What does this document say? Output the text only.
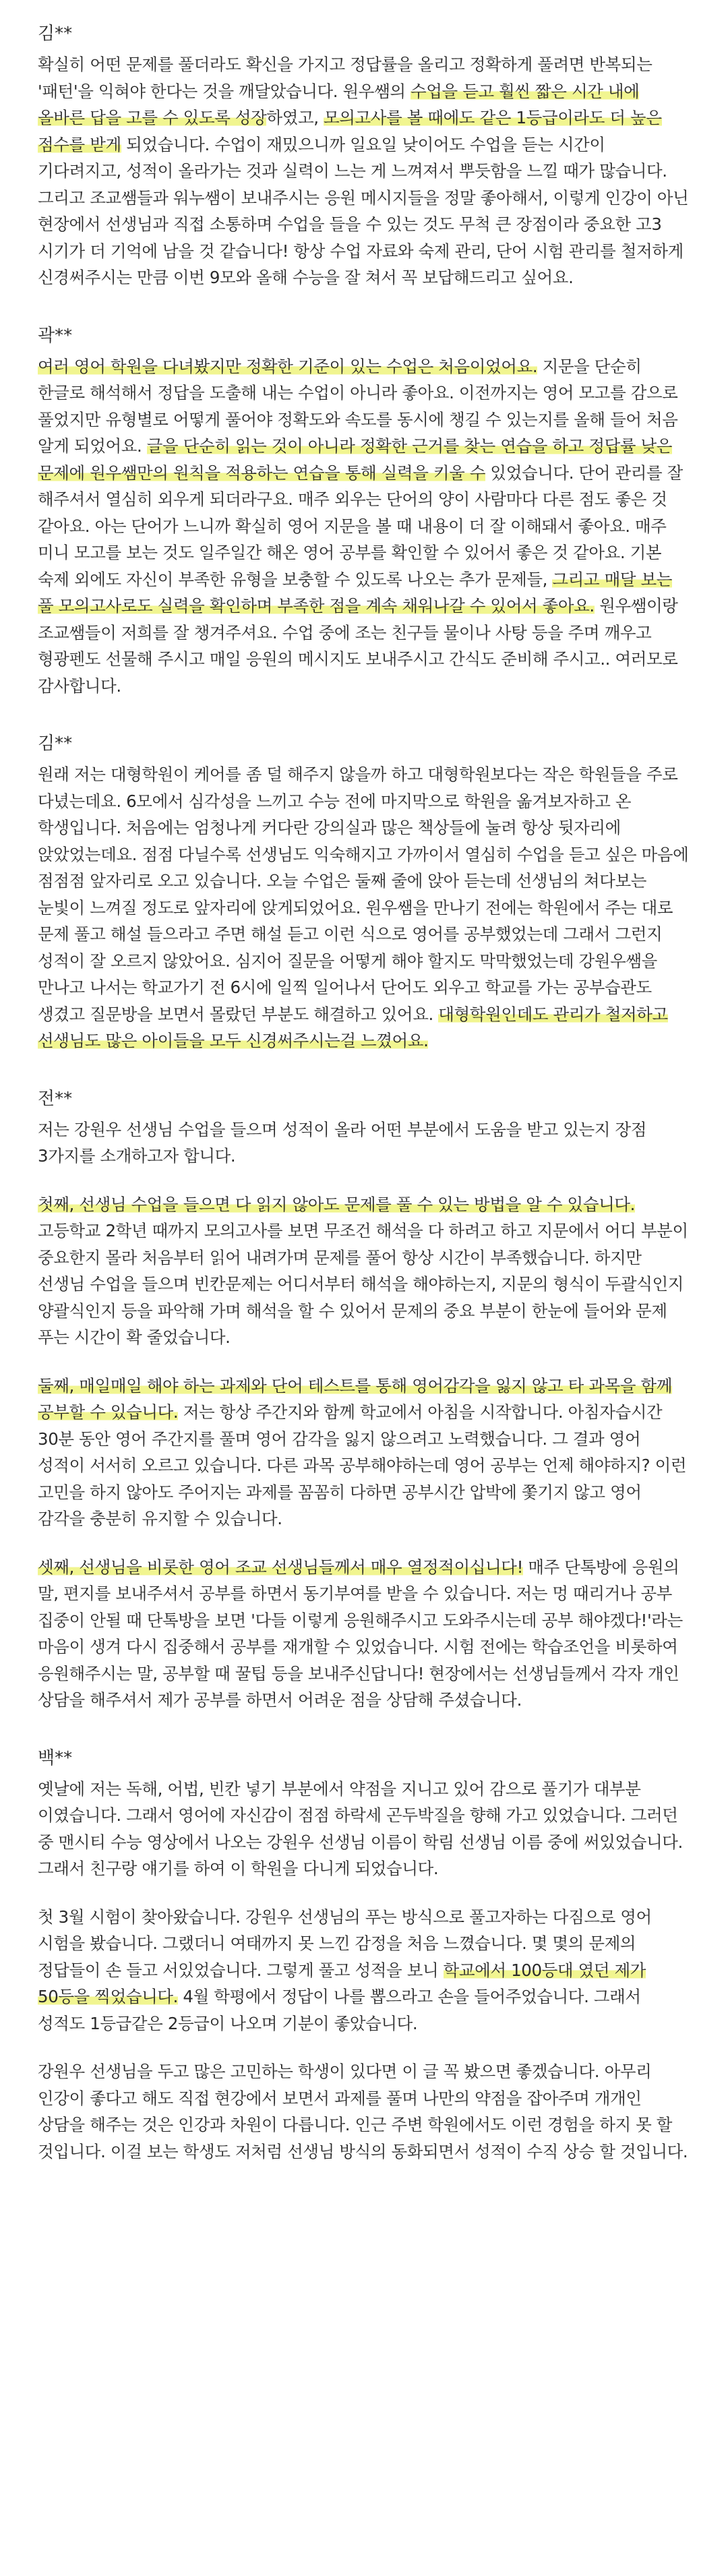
김**

확실히 어떤 문제를 풀더라도 확신을 가지고 정답률을 올리고 정확하게 풀려면 반복되는 '패턴'을 익혀야 한다는 것을 깨달았습니다. 원우쌤의 수업을 듣고 훨씬 짧은 시간 내에 올바른 답을 고를 수 있도록 성장하였고, 모의고사를 볼 때에도 같은 1등급이라도 더 높은 점수를 받게 되었습니다. 수업이 재밌으니까 일요일 낮이어도 수업을 듣는 시간이 기다려지고, 성적이 올라가는 것과 실력이 느는 게 느껴져서 뿌듯함을 느낄 때가 많습니다. 그리고 조교쌤들과 워누쌤이 보내주시는 응원 메시지들을 정말 좋아해서, 이렇게 인강이 아닌 현장에서 선생님과 직접 소통하며 수업을 들을 수 있는 것도 무척 큰 장점이라 중요한 고3 시기가 더 기억에 남을 것 같습니다! 항상 수업 자료와 숙제 관리, 단어 시험 관리를 철저하게 신경써주시는 만큼 이번 9모와 올해 수능을 잘 쳐서 꼭 보답해드리고 싶어요.

곽**

여러 영어 학원을 다녀봤지만 정확한 기준이 있는 수업은 처음이었어요. 지문을 단순히 한글로 해석해서 정답을 도출해 내는 수업이 아니라 좋아요. 이전까지는 영어 모고를 감으로 풀었지만 유형별로 어떻게 풀어야 정확도와 속도를 동시에 챙길 수 있는지를 올해 들어 처음 알게 되었어요. 글을 단순히 읽는 것이 아니라 정확한 근거를 찾는 연습을 하고 정답률 낮은 문제에 원우쌤만의 원칙을 적용하는 연습을 통해 실력을 키울 수 있었습니다. 단어 관리를 잘 해주셔서 열심히 외우게 되더라구요. 매주 외우는 단어의 양이 사람마다 다른 점도 좋은 것 같아요. 아는 단어가 느니까 확실히 영어 지문을 볼 때 내용이 더 잘 이해돼서 좋아요. 매주 미니 모고를 보는 것도 일주일간 해온 영어 공부를 확인할 수 있어서 좋은 것 같아요. 기본 숙제 외에도 자신이 부족한 유형을 보충할 수 있도록 나오는 추가 문제들, 그리고 매달 보는 풀 모의고사로도 실력을 확인하며 부족한 점을 계속 채워나갈 수 있어서 좋아요. 원우쌤이랑 조교쌤들이 저희를 잘 챙겨주셔요. 수업 중에 조는 친구들 물이나 사탕 등을 주며 깨우고 형광펜도 선물해 주시고 매일 응원의 메시지도 보내주시고 간식도 준비해 주시고.. 여러모로 감사합니다.

김**

원래 저는 대형학원이 케어를 좀 덜 해주지 않을까 하고 대형학원보다는 작은 학원들을 주로 다녔는데요. 6모에서 심각성을 느끼고 수능 전에 마지막으로 학원을 옮겨보자하고 온 학생입니다. 처음에는 엄청나게 커다란 강의실과 많은 책상들에 눌려 항상 뒷자리에 앉았었는데요. 점점 다닐수록 선생님도 익숙해지고 가까이서 열심히 수업을 듣고 싶은 마음에 점점점 앞자리로 오고 있습니다. 오늘 수업은 둘째 줄에 앉아 듣는데 선생님의 쳐다보는 눈빛이 느껴질 정도로 앞자리에 앉게되었어요. 원우쌤을 만나기 전에는 학원에서 주는 대로 문제 풀고 해설 들으라고 주면 해설 듣고 이런 식으로 영어를 공부했었는데 그래서 그런지 성적이 잘 오르지 않았어요. 심지어 질문을 어떻게 해야 할지도 막막했었는데 강원우쌤을 만나고 나서는 학교가기 전 6시에 일찍 일어나서 단어도 외우고 학교를 가는 공부습관도 생겼고 질문방을 보면서 몰랐던 부분도 해결하고 있어요. 대형학원인데도 관리가 철저하고 선생님도 많은 아이들을 모두 신경써주시는걸 느꼈어요.

전**

저는 강원우 선생님 수업을 들으며 성적이 올라 어떤 부분에서 도움을 받고 있는지 장점 3가지를 소개하고자 합니다.

첫째, 선생님 수업을 들으면 다 읽지 않아도 문제를 풀 수 있는 방법을 알 수 있습니다. 고등학교 2학년 때까지 모의고사를 보면 무조건 해석을 다 하려고 하고 지문에서 어디 부분이 중요한지 몰라 처음부터 읽어 내려가며 문제를 풀어 항상 시간이 부족했습니다. 하지만 선생님 수업을 들으며 빈칸문제는 어디서부터 해석을 해야하는지, 지문의 형식이 두괄식인지 양괄식인지 등을 파악해 가며 해석을 할 수 있어서 문제의 중요 부분이 한눈에 들어와 문제 푸는 시간이 확 줄었습니다.

둘째, 매일매일 해야 하는 과제와 단어 테스트를 통해 영어감각을 잃지 않고 타 과목을 함께 공부할 수 있습니다. 저는 항상 주간지와 함께 학교에서 아침을 시작합니다. 아침자습시간 30분 동안 영어 주간지를 풀며 영어 감각을 잃지 않으려고 노력했습니다. 그 결과 영어 성적이 서서히 오르고 있습니다. 다른 과목 공부해야하는데 영어 공부는 언제 해야하지? 이런 고민을 하지 않아도 주어지는 과제를 꼼꼼히 다하면 공부시간 압박에 쫓기지 않고 영어 감각을 충분히 유지할 수 있습니다.

셋째, 선생님을 비롯한 영어 조교 선생님들께서 매우 열정적이십니다! 매주 단톡방에 응원의 말, 편지를 보내주셔서 공부를 하면서 동기부여를 받을 수 있습니다. 저는 멍 때리거나 공부 집중이 안될 때 단톡방을 보면 '다들 이렇게 응원해주시고 도와주시는데 공부 해야겠다!'라는 마음이 생겨 다시 집중해서 공부를 재개할 수 있었습니다. 시험 전에는 학습조언을 비롯하여 응원해주시는 말, 공부할 때 꿀팁 등을 보내주신답니다! 현장에서는 선생님들께서 각자 개인 상담을 해주셔서 제가 공부를 하면서 어려운 점을 상담해 주셨습니다.

백**

옛날에 저는 독해, 어법, 빈칸 넣기 부분에서 약점을 지니고 있어 감으로 풀기가 대부분 이였습니다. 그래서 영어에 자신감이 점점 하락세 곤두박질을 향해 가고 있었습니다. 그러던 중 맨시티 수능 영상에서 나오는 강원우 선생님 이름이 학림 선생님 이름 중에 써있었습니다. 그래서 친구랑 얘기를 하여 이 학원을 다니게 되었습니다.

첫 3월 시험이 찾아왔습니다. 강원우 선생님의 푸는 방식으로 풀고자하는 다짐으로 영어 시험을 봤습니다. 그랬더니 여태까지 못 느낀 감정을 처음 느꼈습니다. 몇 몇의 문제의 정답들이 손 들고 서있었습니다. 그렇게 풀고 성적을 보니 학교에서 100등대 였던 제가 50등을 찍었습니다. 4월 학평에서 정답이 나를 뽑으라고 손을 들어주었습니다. 그래서 성적도 1등급같은 2등급이 나오며 기분이 좋았습니다.

강원우 선생님을 두고 많은 고민하는 학생이 있다면 이 글 꼭 봤으면 좋겠습니다. 아무리 인강이 좋다고 해도 직접 현강에서 보면서 과제를 풀며 나만의 약점을 잡아주며 개개인 상담을 해주는 것은 인강과 차원이 다릅니다. 인근 주변 학원에서도 이런 경험을 하지 못 할 것입니다. 이걸 보는 학생도 저처럼 선생님 방식의 동화되면서 성적이 수직 상승 할 것입니다.
